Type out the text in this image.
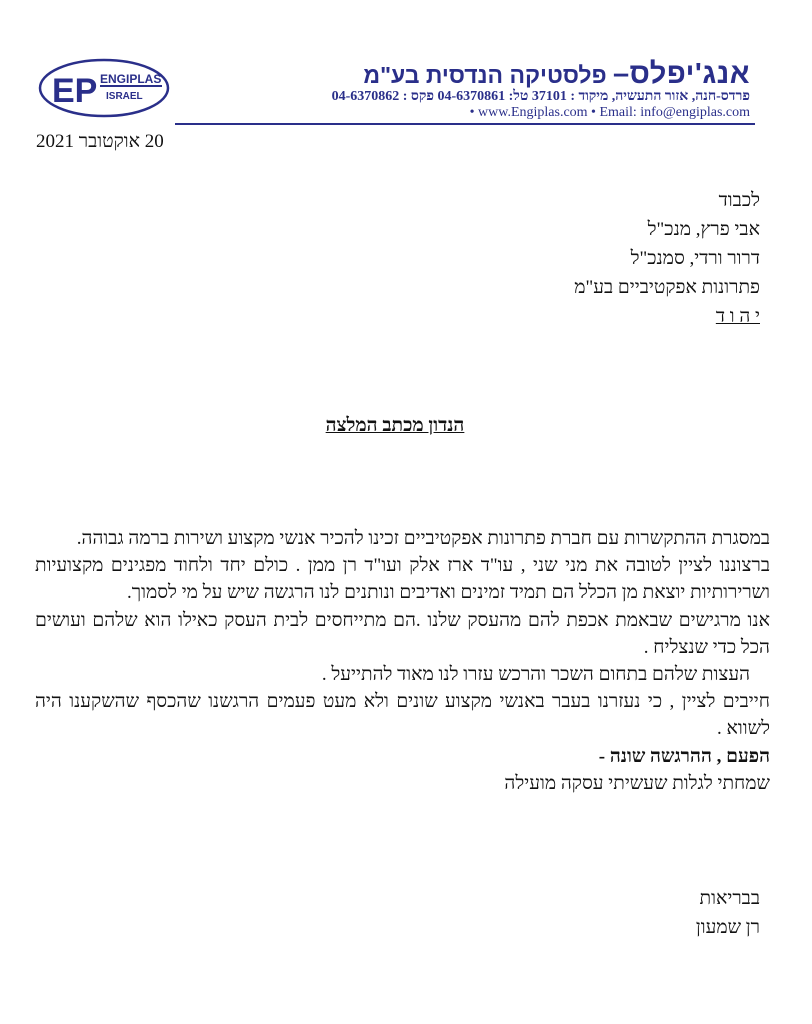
EP ENGIPLAS
ISRAEL
אנג'יפלס– פלסטיקה הנדסית בע"מ
פרדס-חנה, אזור התעשיה, מיקוד : 37101 טל: 04-6370861 פקס : 04-6370862
• www.Engiplas.com • Email: info@engiplas.com
20 אוקטובר 2021
לכבוד
אבי פרץ, מנכ"ל
דרור ורדי, סמנכ"ל
פתרונות אפקטיביים בע"מ
י ה ו ד
הנדון מכתב המלצה

במסגרת ההתקשרות עם חברת פתרונות אפקטיביים זכינו להכיר אנשי מקצוע ושירות ברמה גבוהה.

ברצוננו לציין לטובה את מני שני , עו"ד ארז אלק ועו"ד רן ממן . כולם יחד ולחוד מפגינים מקצועיות ושרירותיות יוצאת מן הכלל הם תמיד זמינים ואדיבים ונותנים לנו הרגשה שיש על מי לסמוך.

אנו מרגישים שבאמת אכפת להם מהעסק שלנו .הם מתייחסים לבית העסק כאילו הוא שלהם ועושים הכל כדי שנצליח .

העצות שלהם בתחום השכר והרכש עזרו לנו מאוד להתייעל .

חייבים לציין , כי נעזרנו בעבר באנשי מקצוע שונים ולא מעט פעמים הרגשנו שהכסף שהשקענו היה לשווא .

הפעם , ההרגשה שונה -

שמחתי לגלות שעשיתי עסקה מועילה

בבריאות
רן שמעון
